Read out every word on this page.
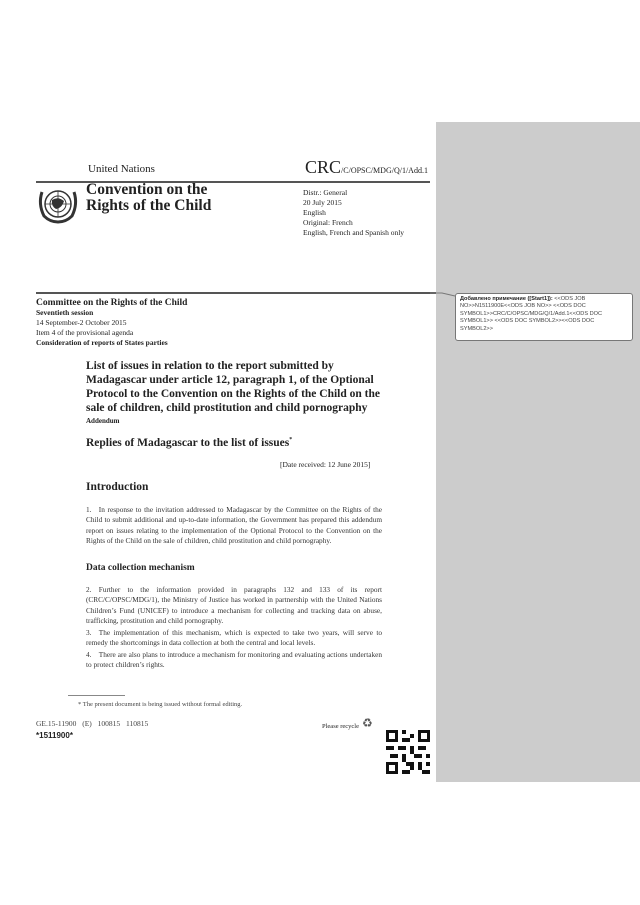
United Nations	CRC/C/OPSC/MDG/Q/1/Add.1
Convention on the
Rights of the Child
Distr.: General
20 July 2015
English
Original: French
English, French and Spanish only
Добавлено примечание ([Start1]): <<ODS JOB NO>>N1511900E<<ODS JOB NO>> <<ODS DOC SYMBOL1>>CRC/C/OPSC/MDG/Q/1/Add.1<<ODS DOC SYMBOL1>> <<ODS DOC SYMBOL2>><<ODS DOC SYMBOL2>>
Committee on the Rights of the Child
Seventieth session
14 September-2 October 2015
Item 4 of the provisional agenda
Consideration of reports of States parties
List of issues in relation to the report submitted by Madagascar under article 12, paragraph 1, of the Optional Protocol to the Convention on the Rights of the Child on the sale of children, child prostitution and child pornography
Addendum
Replies of Madagascar to the list of issues*
[Date received: 12 June 2015]
Introduction
1. In response to the invitation addressed to Madagascar by the Committee on the Rights of the Child to submit additional and up-to-date information, the Government has prepared this addendum report on issues relating to the implementation of the Optional Protocol to the Convention on the Rights of the Child on the sale of children, child prostitution and child pornography.
Data collection mechanism
2. Further to the information provided in paragraphs 132 and 133 of its report (CRC/C/OPSC/MDG/1), the Ministry of Justice has worked in partnership with the United Nations Children’s Fund (UNICEF) to introduce a mechanism for collecting and tracking data on abuse, trafficking, prostitution and child pornography.
3. The implementation of this mechanism, which is expected to take two years, will serve to remedy the shortcomings in data collection at both the central and local levels.
4. There are also plans to introduce a mechanism for monitoring and evaluating actions undertaken to protect children’s rights.
* The present document is being issued without formal editing.
GE.15-11900 (E) 100815 110815
*1511900*
Please recycle ♻
